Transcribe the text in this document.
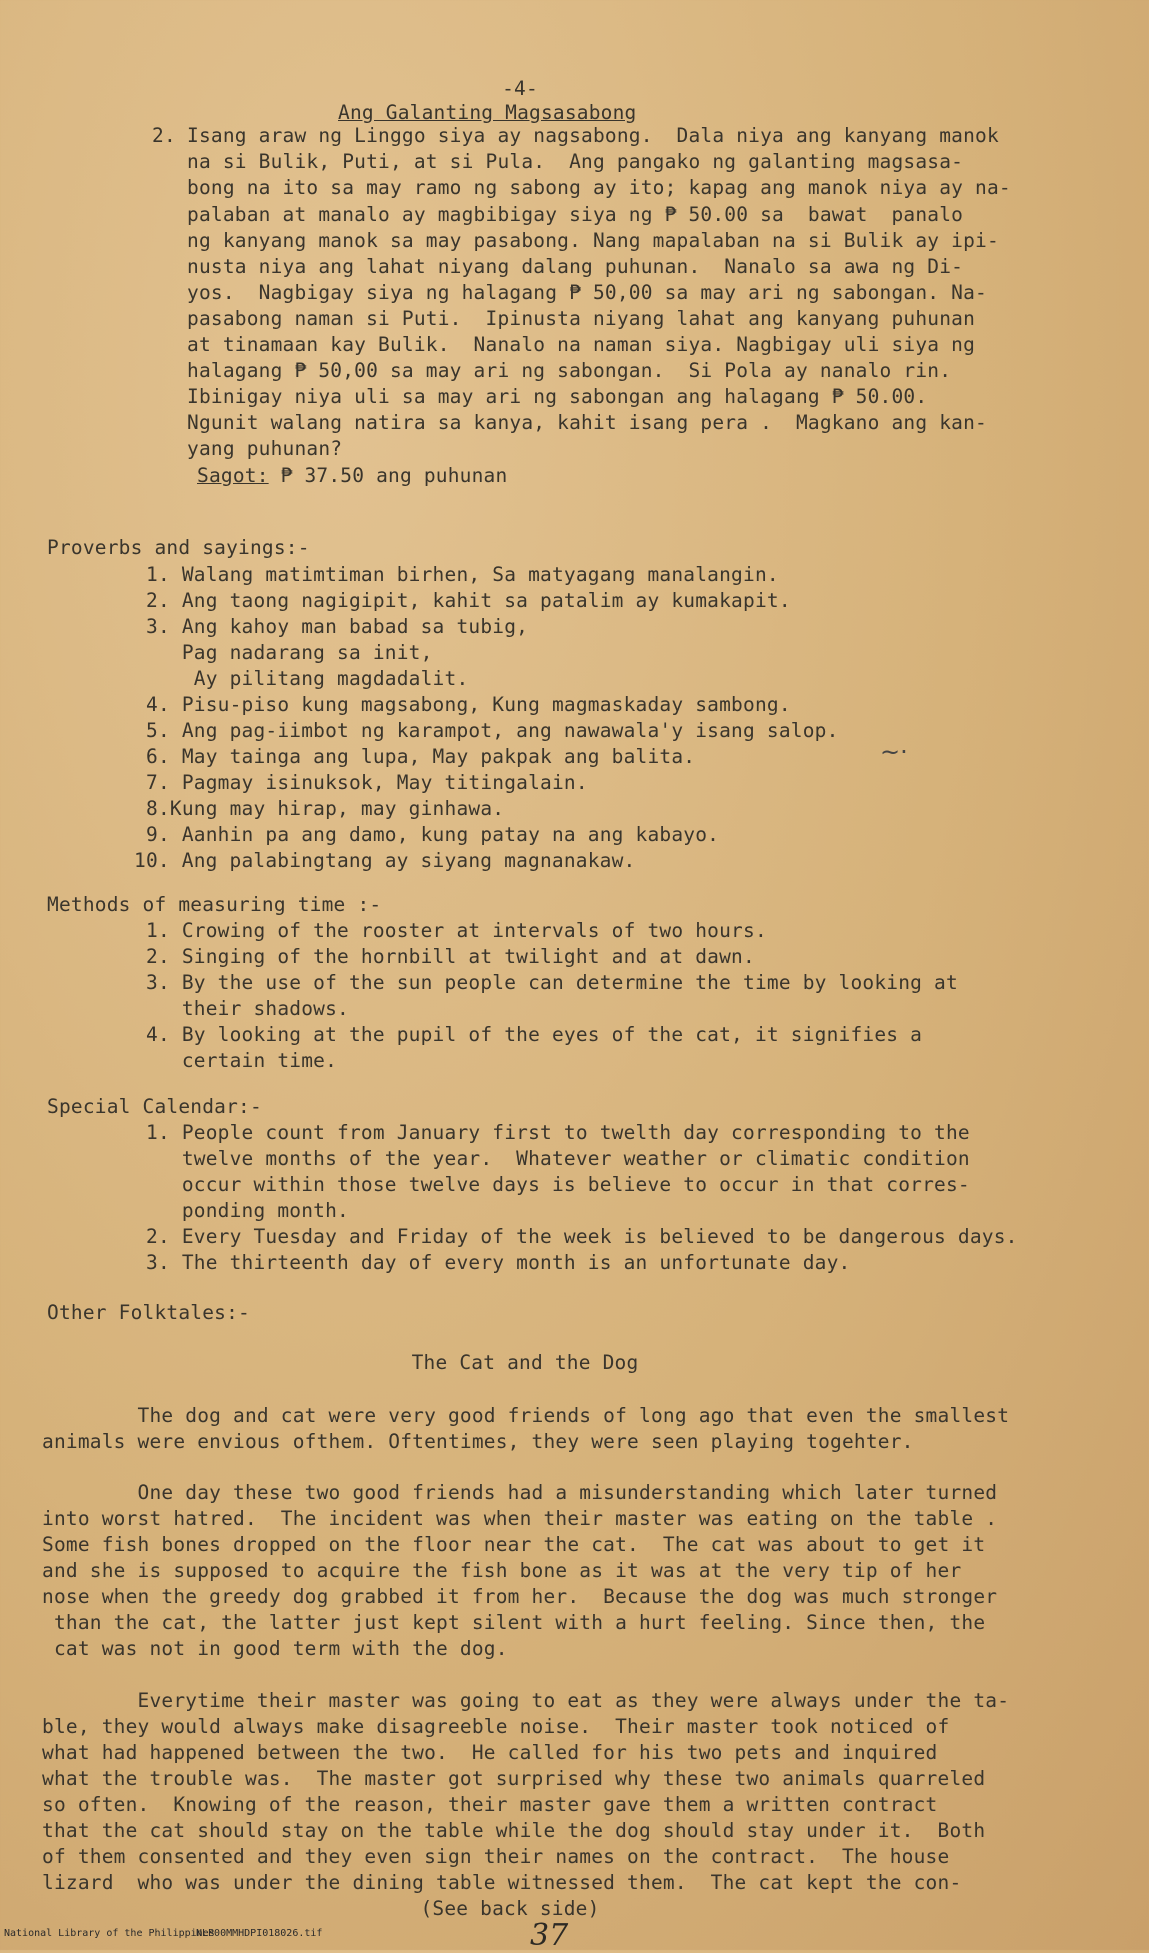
-4-
Ang Galanting Magsasabong
2. Isang araw ng Linggo siya ay nagsabong.  Dala niya ang kanyang manok
na si Bulik, Puti, at si Pula.  Ang pangako ng galanting magsasa-
bong na ito sa may ramo ng sabong ay ito; kapag ang manok niya ay na-
palaban at manalo ay magbibigay siya ng ₱ 50.00 sa  bawat  panalo
ng kanyang manok sa may pasabong. Nang mapalaban na si Bulik ay ipi-
nusta niya ang lahat niyang dalang puhunan.  Nanalo sa awa ng Di-
yos.  Nagbigay siya ng halagang ₱ 50,00 sa may ari ng sabongan. Na-
pasabong naman si Puti.  Ipinusta niyang lahat ang kanyang puhunan
at tinamaan kay Bulik.  Nanalo na naman siya. Nagbigay uli siya ng
halagang ₱ 50,00 sa may ari ng sabongan.  Si Pola ay nanalo rin.
Ibinigay niya uli sa may ari ng sabongan ang halagang ₱ 50.00.
Ngunit walang natira sa kanya, kahit isang pera .  Magkano ang kan-
yang puhunan?
Sagot: ₱ 37.50 ang puhunan
Proverbs and sayings:-
1. Walang matimtiman birhen, Sa matyagang manalangin.
2. Ang taong nagigipit, kahit sa patalim ay kumakapit.
3. Ang kahoy man babad sa tubig,
Pag nadarang sa init,
Ay pilitang magdadalit.
4. Pisu-piso kung magsabong, Kung magmaskaday sambong.
5. Ang pag-iimbot ng karampot, ang nawawala'y isang salop.
6. May tainga ang lupa, May pakpak ang balita.
7. Pagmay isinuksok, May titingalain.
8.Kung may hirap, may ginhawa.
9. Aanhin pa ang damo, kung patay na ang kabayo.
10. Ang palabingtang ay siyang magnanakaw.
~·
Methods of measuring time :-
1. Crowing of the rooster at intervals of two hours.
2. Singing of the hornbill at twilight and at dawn.
3. By the use of the sun people can determine the time by looking at
their shadows.
4. By looking at the pupil of the eyes of the cat, it signifies a
certain time.
Special Calendar:-
1. People count from January first to twelth day corresponding to the
twelve months of the year.  Whatever weather or climatic condition
occur within those twelve days is believe to occur in that corres-
ponding month.
2. Every Tuesday and Friday of the week is believed to be dangerous days.
3. The thirteenth day of every month is an unfortunate day.
Other Folktales:-
The Cat and the Dog
The dog and cat were very good friends of long ago that even the smallest
animals were envious ofthem. Oftentimes, they were seen playing togehter.
One day these two good friends had a misunderstanding which later turned
into worst hatred.  The incident was when their master was eating on the table .
Some fish bones dropped on the floor near the cat.  The cat was about to get it
and she is supposed to acquire the fish bone as it was at the very tip of her
nose when the greedy dog grabbed it from her.  Because the dog was much stronger
than the cat, the latter just kept silent with a hurt feeling. Since then, the
cat was not in good term with the dog.
Everytime their master was going to eat as they were always under the ta-
ble, they would always make disagreeble noise.  Their master took noticed of
what had happened between the two.  He called for his two pets and inquired
what the trouble was.  The master got surprised why these two animals quarreled
so often.  Knowing of the reason, their master gave them a written contract
that the cat should stay on the table while the dog should stay under it.  Both
of them consented and they even sign their names on the contract.  The house
lizard  who was under the dining table witnessed them.  The cat kept the con-
(See back side)
37
National Library of the Philippines
NLP00MMHDPI018026.tif
